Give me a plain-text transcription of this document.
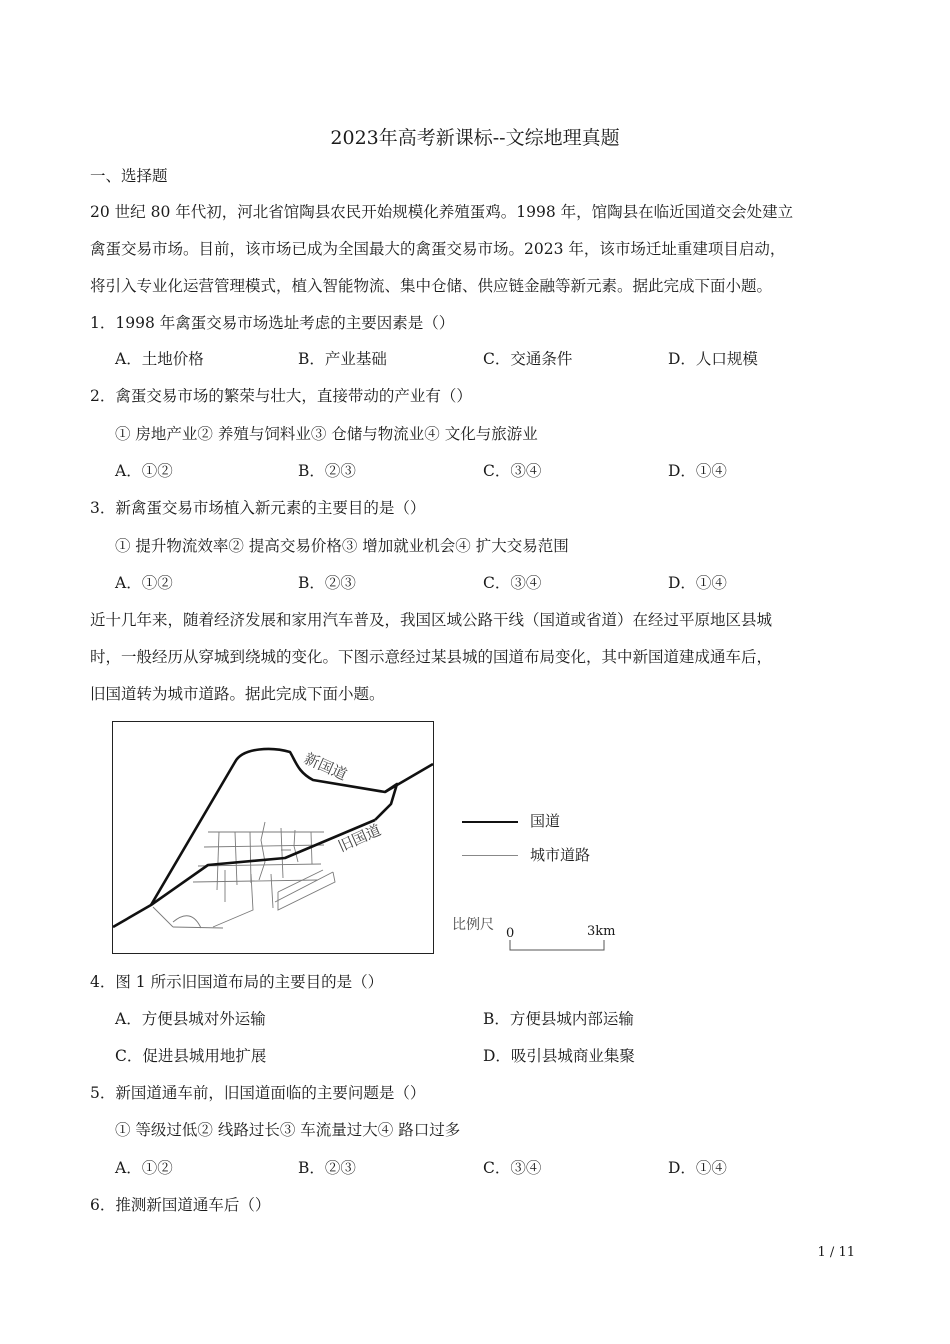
2023年高考新课标--文综地理真题
一、选择题
20 世纪 80 年代初，河北省馆陶县农民开始规模化养殖蛋鸡。1998 年，馆陶县在临近国道交会处建立
禽蛋交易市场。目前，该市场已成为全国最大的禽蛋交易市场。2023 年，该市场迁址重建项目启动，
将引入专业化运营管理模式，植入智能物流、集中仓储、供应链金融等新元素。据此完成下面小题。
1．1998 年禽蛋交易市场选址考虑的主要因素是（）
A．土地价格	B．产业基础	C．交通条件	D．人口规模
2．禽蛋交易市场的繁荣与壮大，直接带动的产业有（）
① 房地产业② 养殖与饲料业③ 仓储与物流业④ 文化与旅游业
A．①②	B．②③	C．③④	D．①④
3．新禽蛋交易市场植入新元素的主要目的是（）
① 提升物流效率② 提高交易价格③ 增加就业机会④ 扩大交易范围
A．①②	B．②③	C．③④	D．①④
近十几年来，随着经济发展和家用汽车普及，我国区域公路干线（国道或省道）在经过平原地区县城
时，一般经历从穿城到绕城的变化。下图示意经过某县城的国道布局变化，其中新国道建成通车后，
旧国道转为城市道路。据此完成下面小题。
新国道
旧国道	国道
城市道路
比例尺
0	3km
4．图 1 所示旧国道布局的主要目的是（）
A．方便县城对外运输	B．方便县城内部运输
C．促进县城用地扩展	D．吸引县城商业集聚
5．新国道通车前，旧国道面临的主要问题是（）
① 等级过低② 线路过长③ 车流量过大④ 路口过多
A．①②	B．②③	C．③④	D．①④
6．推测新国道通车后（）
1 / 11
